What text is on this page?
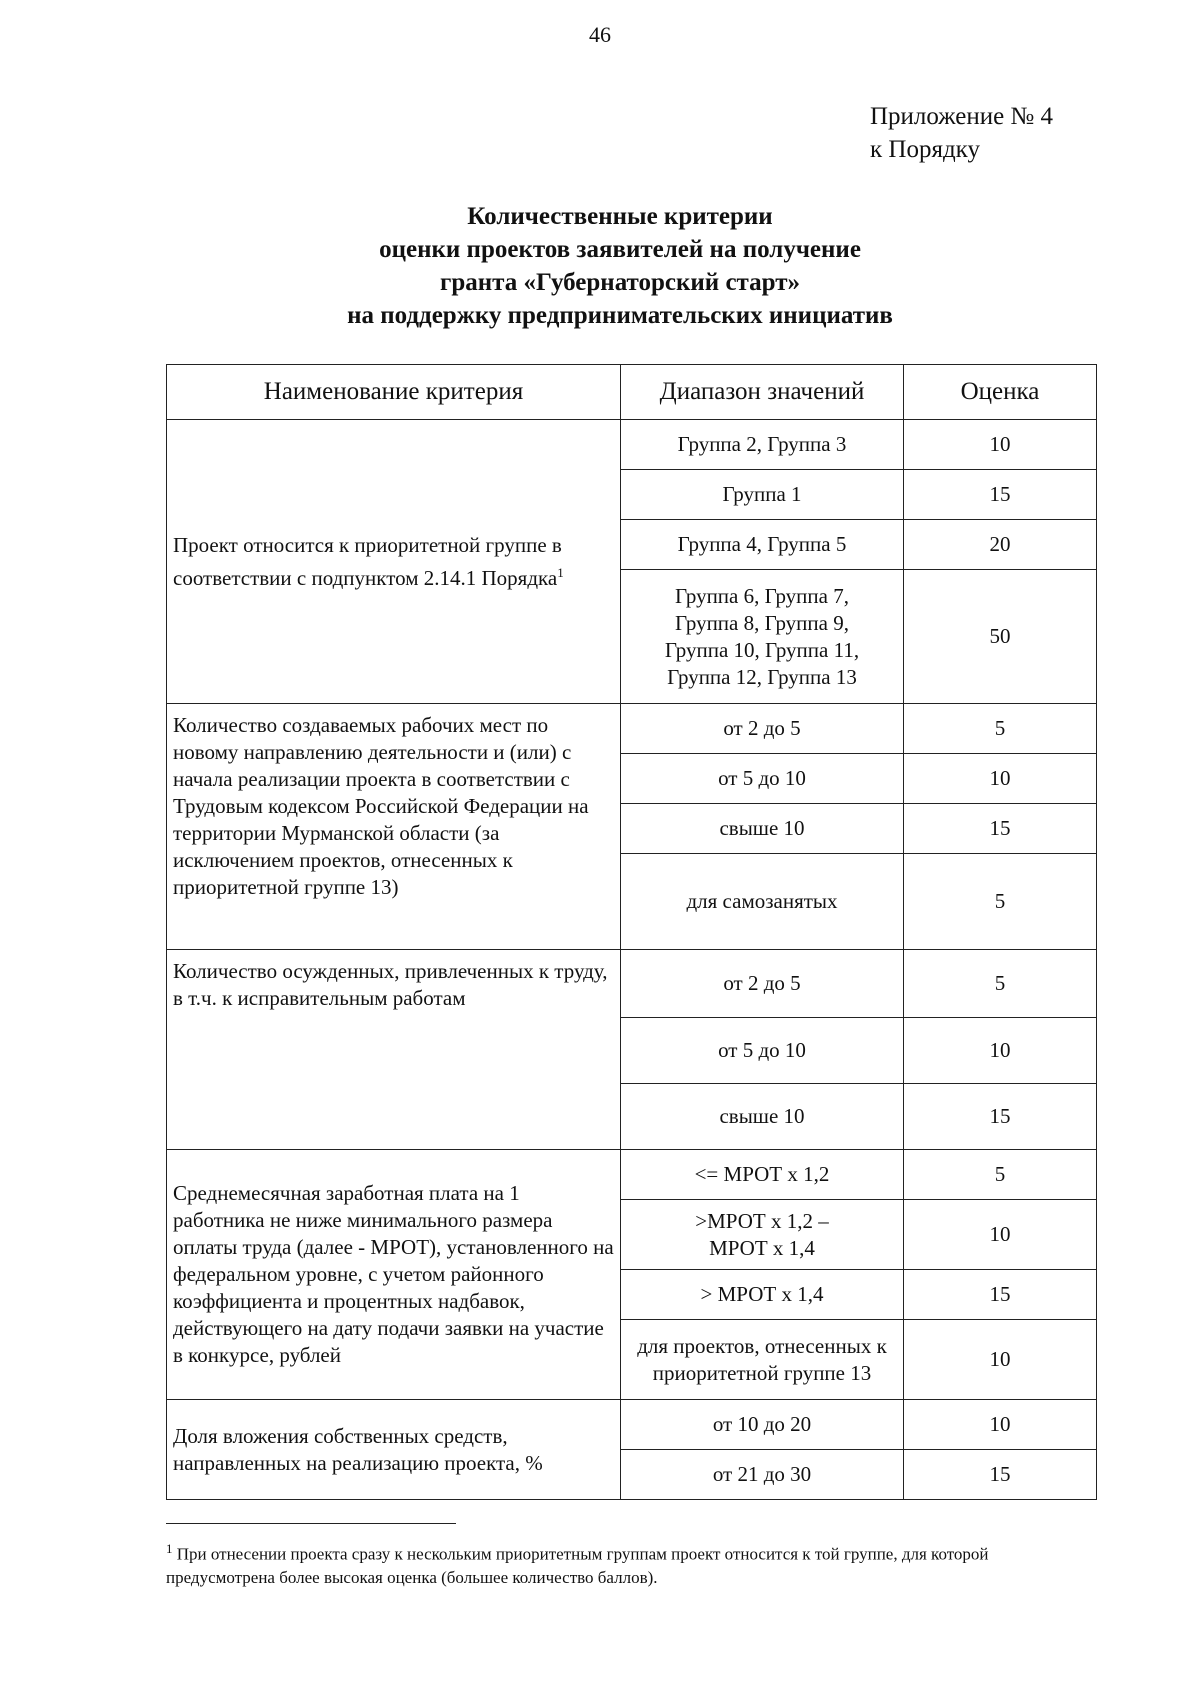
46
Приложение № 4
к Порядку
Количественные критерии
оценки проектов заявителей на получение
гранта «Губернаторский старт»
на поддержку предпринимательских инициатив
Наименование критерия	Диапазон значений	Оценка
Проект относится к приоритетной группе в соответствии с подпунктом 2.14.1 Порядка$^1$	Группа 2, Группа 3	10
	Группа 1	15
	Группа 4, Группа 5	20
	Группа 6, Группа 7, Группа 8, Группа 9, Группа 10, Группа 11, Группа 12, Группа 13	50
Количество создаваемых рабочих мест по новому направлению деятельности и (или) с начала реализации проекта в соответствии с Трудовым кодексом Российской Федерации на территории Мурманской области (за исключением проектов, отнесенных к приоритетной группе 13)	от 2 до 5	5
	от 5 до 10	10
	свыше 10	15
	для самозанятых	5
Количество осужденных, привлеченных к труду, в т.ч. к исправительным работам	от 2 до 5	5
	от 5 до 10	10
	свыше 10	15
Среднемесячная заработная плата на 1 работника не ниже минимального размера оплаты труда (далее - МРОТ), установленного на федеральном уровне, с учетом районного коэффициента и процентных надбавок, действующего на дату подачи заявки на участие в конкурсе, рублей	<= МРОТ х 1,2	5
	>МРОТ х 1,2 – МРОТ х 1,4	10
	> МРОТ х 1,4	15
	для проектов, отнесенных к приоритетной группе 13	10
Доля вложения собственных средств, направленных на реализацию проекта, %	от 10 до 20	10
	от 21 до 30	15
$^1$ При отнесении проекта сразу к нескольким приоритетным группам проект относится к той группе, для которой предусмотрена более высокая оценка (большее количество баллов).
